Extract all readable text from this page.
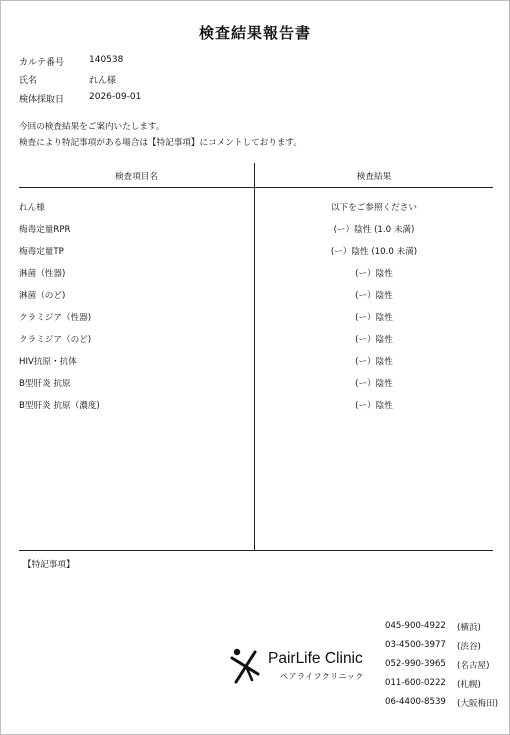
検査結果報告書
カルテ番号	140538
氏名	れん様
検体採取日	2026-09-01
今回の検査結果をご案内いたします。
検査により特記事項がある場合は【特記事項】にコメントしております。
検査項目名	検査結果
れん様	以下をご参照ください
梅毒定量RPR	(ー）陰性 (1.0 未満)
梅毒定量TP	(ー）陰性 (10.0 未満)
淋菌（性器)	(ー）陰性
淋菌（のど)	(ー）陰性
クラミジア（性器)	(ー）陰性
クラミジア（のど)	(ー）陰性
HIV抗原・抗体	(ー）陰性
B型肝炎 抗原	(ー）陰性
B型肝炎 抗原（濃度)	(ー）陰性
【特記事項】
PairLife Clinic
ペアライフクリニック
045-900-4922 (横浜)
03-4500-3977 (渋谷)
052-990-3965 (名古屋)
011-600-0222 (札幌)
06-4400-8539 (大阪梅田)
